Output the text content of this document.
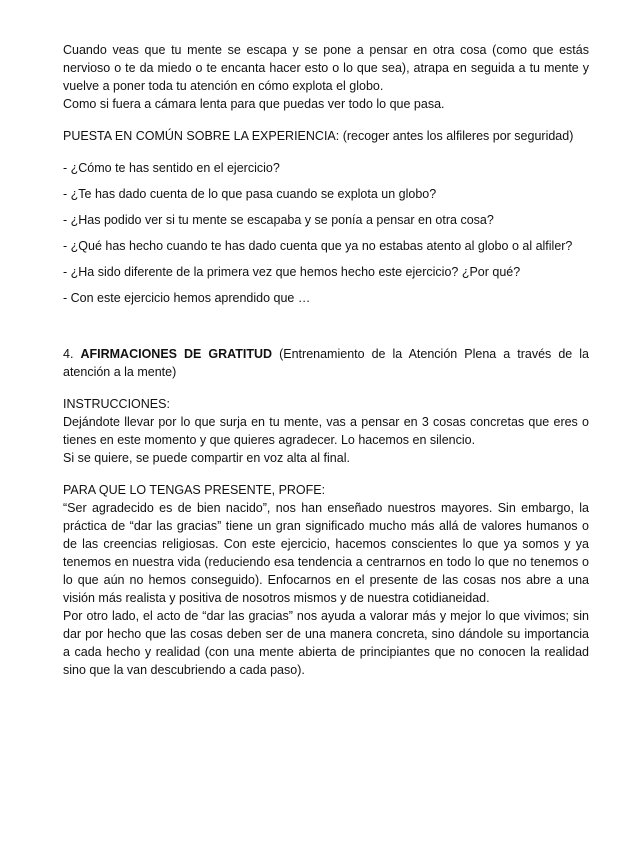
Cuando veas que tu mente se escapa y se pone a pensar en otra cosa (como que estás nervioso o te da miedo o te encanta hacer esto o lo que sea), atrapa en seguida a tu mente y vuelve a poner toda tu atención en cómo explota el globo.

Como si fuera a cámara lenta para que puedas ver todo lo que pasa.

PUESTA EN COMÚN SOBRE LA EXPERIENCIA: (recoger antes los alfileres por seguridad)

- ¿Cómo te has sentido en el ejercicio?

- ¿Te has dado cuenta de lo que pasa cuando se explota un globo?

- ¿Has podido ver si tu mente se escapaba y se ponía a pensar en otra cosa?

- ¿Qué has hecho cuando te has dado cuenta que ya no estabas atento al globo o al alfiler?

- ¿Ha sido diferente de la primera vez que hemos hecho este ejercicio? ¿Por qué?

- Con este ejercicio hemos aprendido que …

4. AFIRMACIONES DE GRATITUD (Entrenamiento de la Atención Plena a través de la atención a la mente)

INSTRUCCIONES:

Dejándote llevar por lo que surja en tu mente, vas a pensar en 3 cosas concretas que eres o tienes en este momento y que quieres agradecer. Lo hacemos en silencio.

Si se quiere, se puede compartir en voz alta al final.

PARA QUE LO TENGAS PRESENTE, PROFE:

“Ser agradecido es de bien nacido”, nos han enseñado nuestros mayores. Sin embargo, la práctica de “dar las gracias” tiene un gran significado mucho más allá de valores humanos o de las creencias religiosas. Con este ejercicio, hacemos conscientes lo que ya somos y ya tenemos en nuestra vida (reduciendo esa tendencia a centrarnos en todo lo que no tenemos o lo que aún no hemos conseguido). Enfocarnos en el presente de las cosas nos abre a una visión más realista y positiva de nosotros mismos y de nuestra cotidianeidad.

Por otro lado, el acto de “dar las gracias” nos ayuda a valorar más y mejor lo que vivimos; sin dar por hecho que las cosas deben ser de una manera concreta, sino dándole su importancia a cada hecho y realidad (con una mente abierta de principiantes que no conocen la realidad sino que la van descubriendo a cada paso).
